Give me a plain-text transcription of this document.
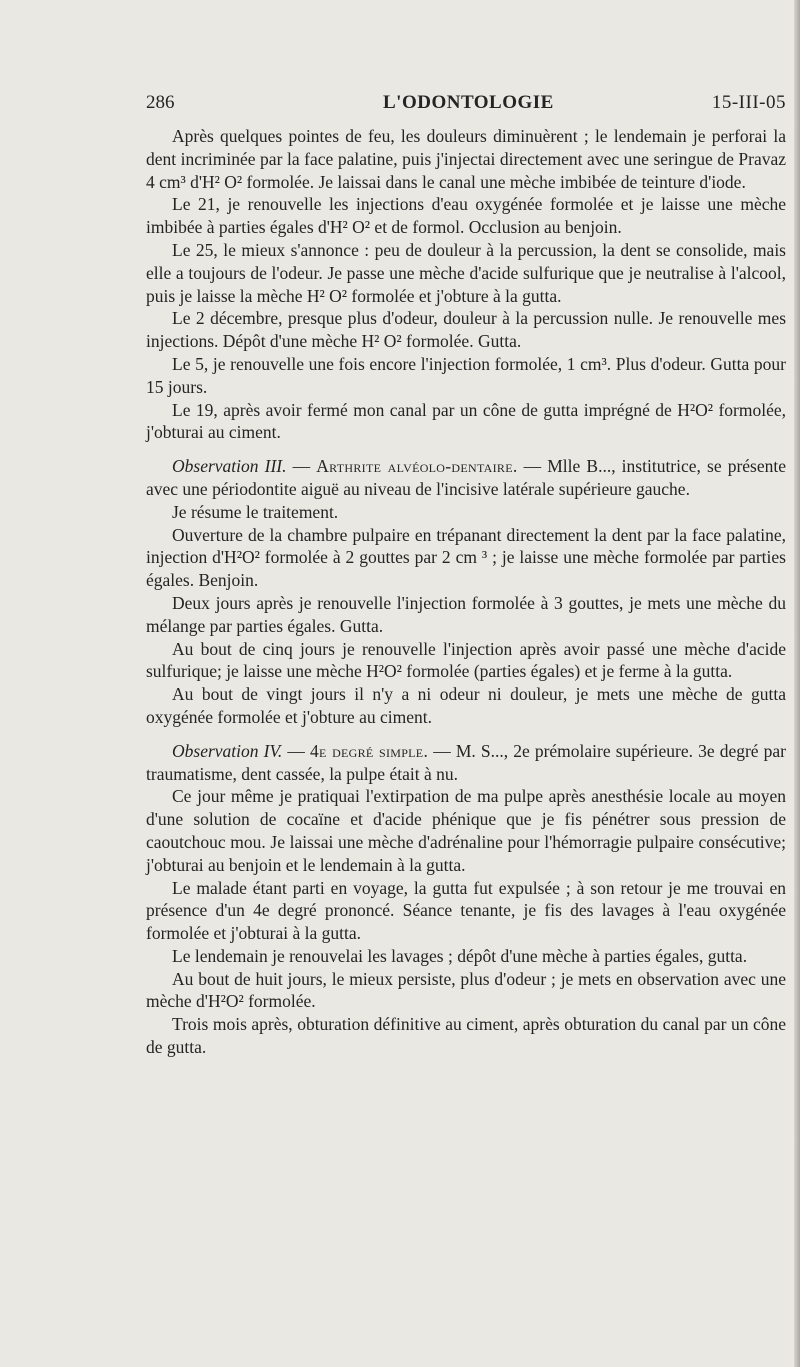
286	L'ODONTOLOGIE	15-III-05

Après quelques pointes de feu, les douleurs diminuèrent ; le lendemain je perforai la dent incriminée par la face palatine, puis j'injectai directement avec une seringue de Pravaz 4 cm³ d'H² O² formolée. Je laissai dans le canal une mèche imbibée de teinture d'iode.

Le 21, je renouvelle les injections d'eau oxygénée formolée et je laisse une mèche imbibée à parties égales d'H² O² et de formol. Occlusion au benjoin.

Le 25, le mieux s'annonce : peu de douleur à la percussion, la dent se consolide, mais elle a toujours de l'odeur. Je passe une mèche d'acide sulfurique que je neutralise à l'alcool, puis je laisse la mèche H² O² formolée et j'obture à la gutta.

Le 2 décembre, presque plus d'odeur, douleur à la percussion nulle. Je renouvelle mes injections. Dépôt d'une mèche H² O² formolée. Gutta.

Le 5, je renouvelle une fois encore l'injection formolée, 1 cm³. Plus d'odeur. Gutta pour 15 jours.

Le 19, après avoir fermé mon canal par un cône de gutta imprégné de H²O² formolée, j'obturai au ciment.

Observation III. — Arthrite alvéolo-dentaire. — Mlle B..., institutrice, se présente avec une périodontite aiguë au niveau de l'incisive latérale supérieure gauche.

Je résume le traitement.

Ouverture de la chambre pulpaire en trépanant directement la dent par la face palatine, injection d'H²O² formolée à 2 gouttes par 2 cm ³ ; je laisse une mèche formolée par parties égales. Benjoin.

Deux jours après je renouvelle l'injection formolée à 3 gouttes, je mets une mèche du mélange par parties égales. Gutta.

Au bout de cinq jours je renouvelle l'injection après avoir passé une mèche d'acide sulfurique; je laisse une mèche H²O² formolée (parties égales) et je ferme à la gutta.

Au bout de vingt jours il n'y a ni odeur ni douleur, je mets une mèche de gutta oxygénée formolée et j'obture au ciment.

Observation IV. — 4e degré simple. — M. S..., 2e prémolaire supérieure. 3e degré par traumatisme, dent cassée, la pulpe était à nu.

Ce jour même je pratiquai l'extirpation de ma pulpe après anesthésie locale au moyen d'une solution de cocaïne et d'acide phénique que je fis pénétrer sous pression de caoutchouc mou. Je laissai une mèche d'adrénaline pour l'hémorragie pulpaire consécutive; j'obturai au benjoin et le lendemain à la gutta.

Le malade étant parti en voyage, la gutta fut expulsée ; à son retour je me trouvai en présence d'un 4e degré prononcé. Séance tenante, je fis des lavages à l'eau oxygénée formolée et j'obturai à la gutta.

Le lendemain je renouvelai les lavages ; dépôt d'une mèche à parties égales, gutta.

Au bout de huit jours, le mieux persiste, plus d'odeur ; je mets en observation avec une mèche d'H²O² formolée.

Trois mois après, obturation définitive au ciment, après obturation du canal par un cône de gutta.
